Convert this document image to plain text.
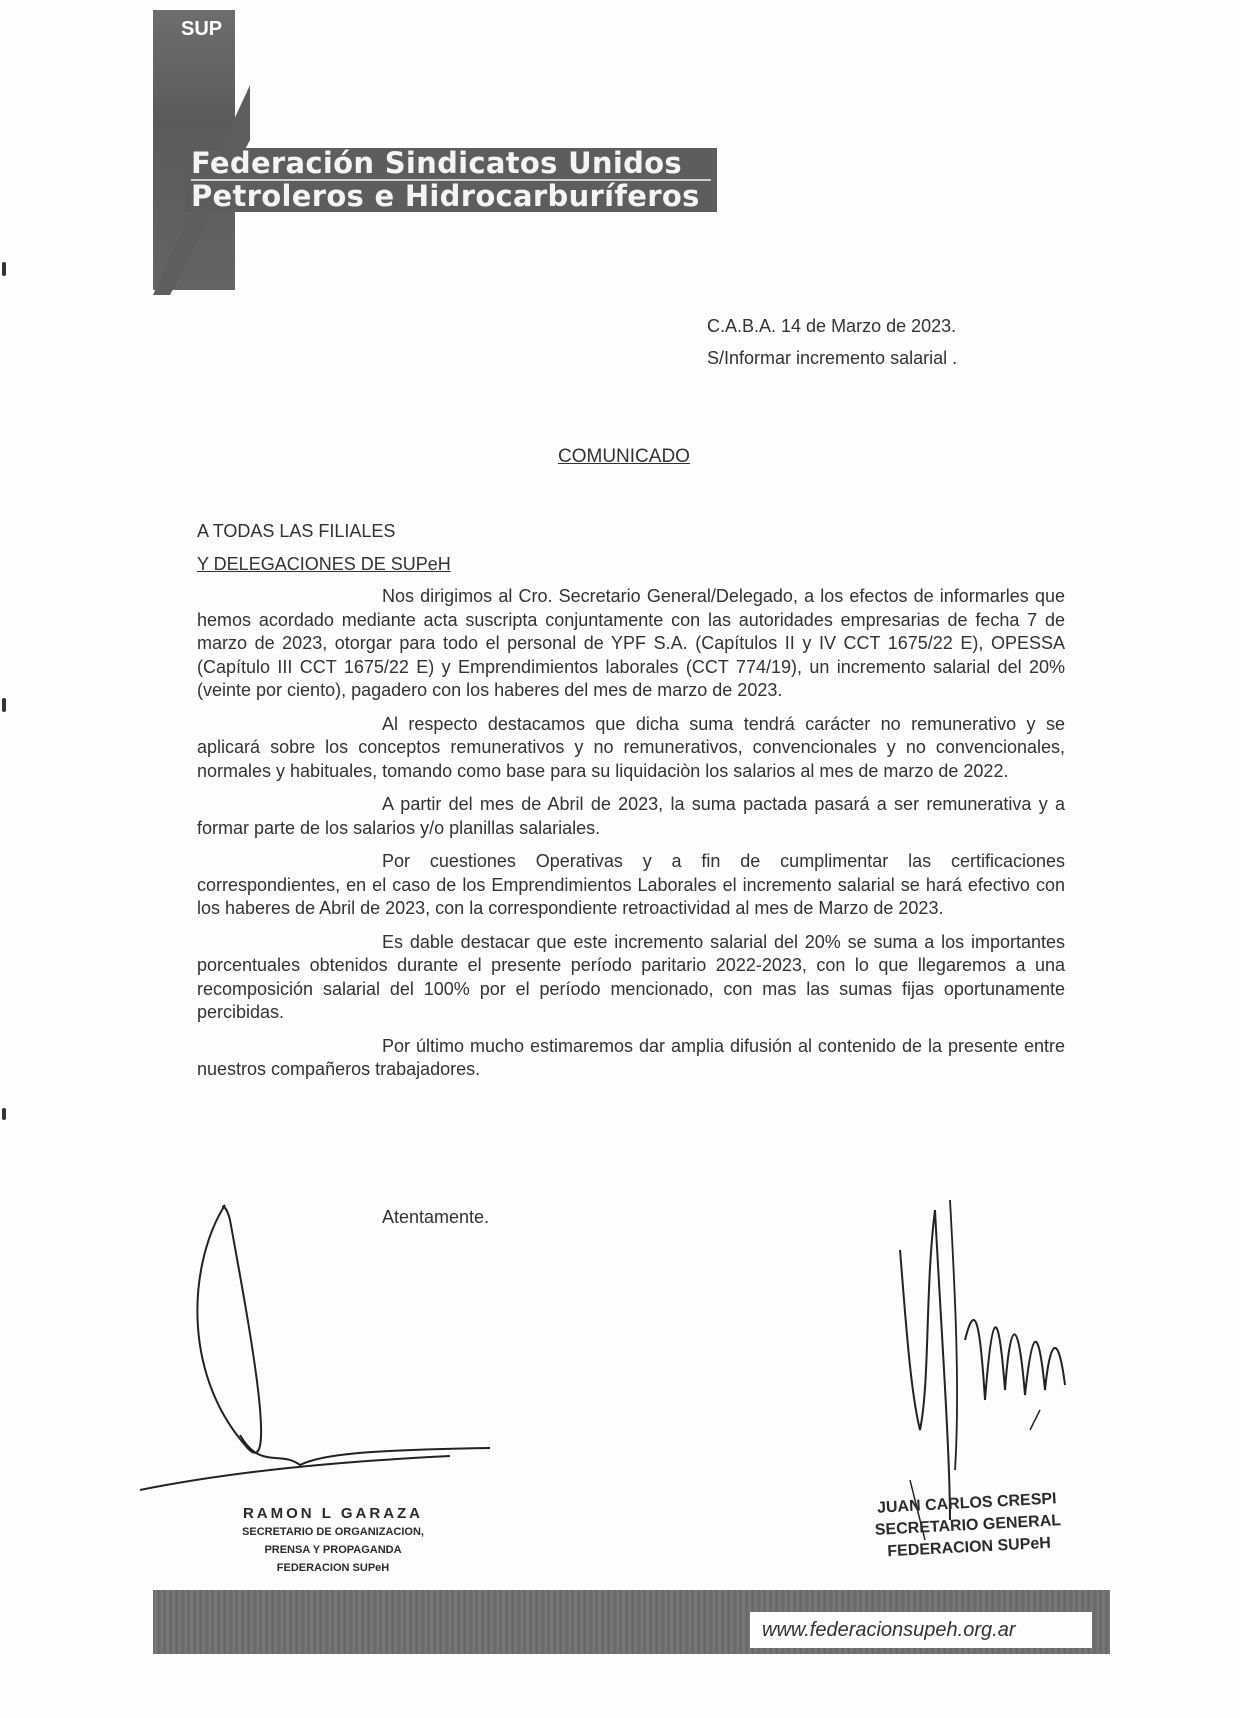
SUP
Federación Sindicatos Unidos
Petroleros e Hidrocarburíferos
C.A.B.A. 14 de Marzo de 2023.
S/Informar incremento salarial .
COMUNICADO
A TODAS LAS FILIALES
Y DELEGACIONES DE SUPeH

Nos dirigimos al Cro. Secretario General/Delegado, a los efectos de informarles que hemos acordado mediante acta suscripta conjuntamente con las autoridades empresarias de fecha 7 de marzo de 2023, otorgar para todo el personal de YPF S.A. (Capítulos II y IV CCT 1675/22 E), OPESSA (Capítulo III CCT 1675/22 E) y Emprendimientos laborales (CCT 774/19), un incremento salarial del 20%(veinte por ciento), pagadero con los haberes del mes de marzo de 2023.

Al respecto destacamos que dicha suma tendrá carácter no remunerativo y se aplicará sobre los conceptos remunerativos y no remunerativos, convencionales y no convencionales, normales y habituales, tomando como base para su liquidaciòn los salarios al mes de marzo de 2022.

A partir del mes de Abril de 2023, la suma pactada pasará a ser remunerativa y a formar parte de los salarios y/o planillas salariales.

Por cuestiones Operativas y a fin de cumplimentar las certificaciones correspondientes, en el caso de los Emprendimientos Laborales el incremento salarial se hará efectivo con los haberes de Abril de 2023, con la correspondiente retroactividad al mes de Marzo de 2023.

Es dable destacar que este incremento salarial del 20% se suma a los importantes porcentuales obtenidos durante el presente período paritario 2022-2023, con lo que llegaremos a una recomposición salarial del 100% por el período mencionado, con mas las sumas fijas oportunamente percibidas.

Por último mucho estimaremos dar amplia difusión al contenido de la presente entre nuestros compañeros trabajadores.

Atentamente.
RAMON L GARAZA
SECRETARIO DE ORGANIZACION,
PRENSA Y PROPAGANDA
FEDERACION SUPeH
JUAN CARLOS CRESPI
SECRETARIO GENERAL
FEDERACION SUPeH
www.federacionsupeh.org.ar
